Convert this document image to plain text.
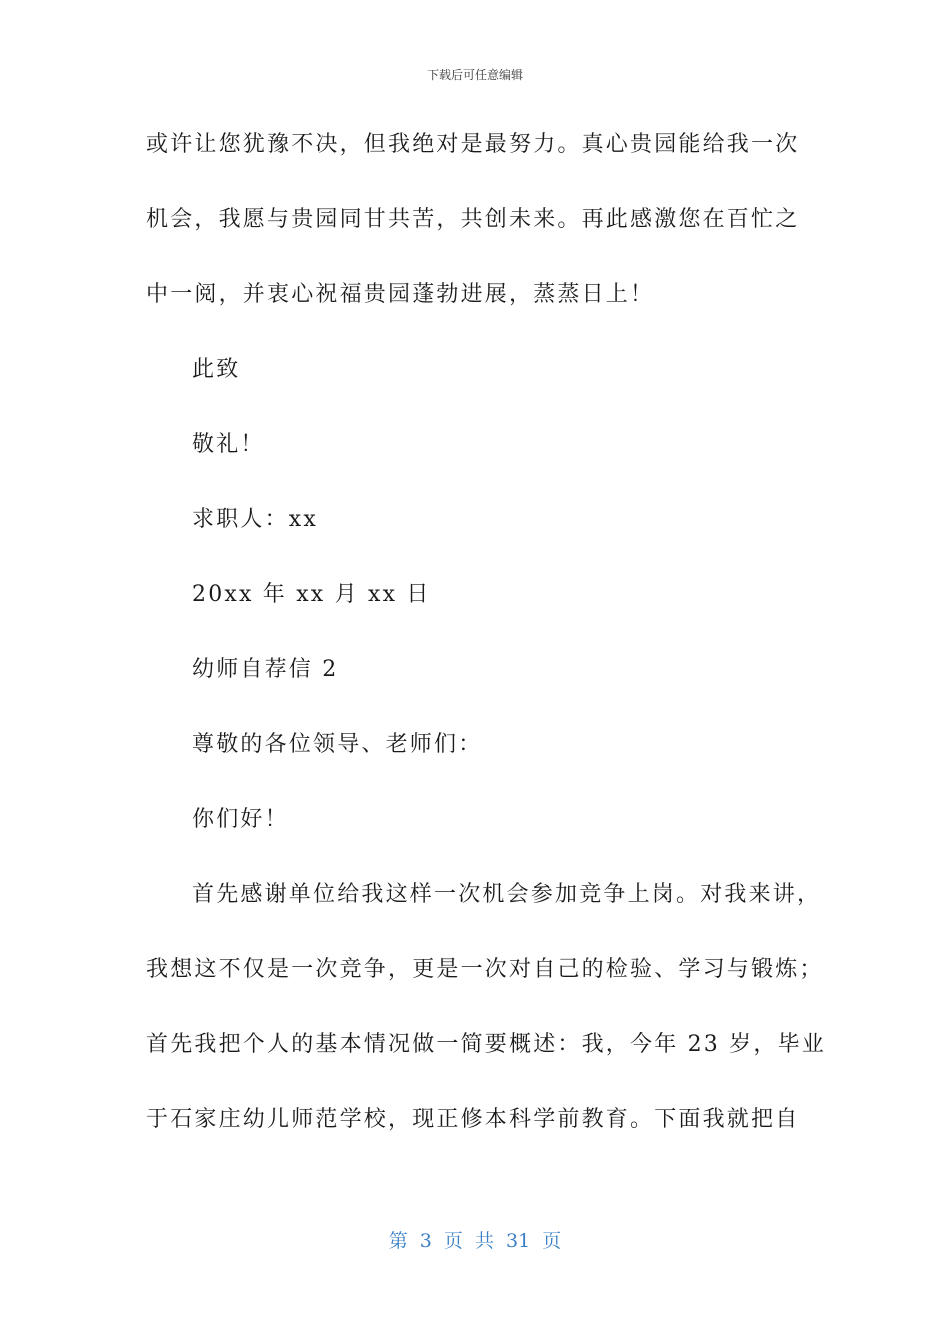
下载后可任意编辑
或许让您犹豫不决，但我绝对是最努力。真心贵园能给我一次
机会，我愿与贵园同甘共苦，共创未来。再此感激您在百忙之
中一阅，并衷心祝福贵园蓬勃进展，蒸蒸日上！
此致
敬礼！
求职人：xx
20xx 年 xx 月 xx 日
幼师自荐信 2
尊敬的各位领导、老师们：
你们好！
首先感谢单位给我这样一次机会参加竞争上岗。对我来讲，
我想这不仅是一次竞争，更是一次对自己的检验、学习与锻炼；
首先我把个人的基本情况做一简要概述：我，今年 23 岁，毕业
于石家庄幼儿师范学校，现正修本科学前教育。下面我就把自
第 3 页 共 31 页
